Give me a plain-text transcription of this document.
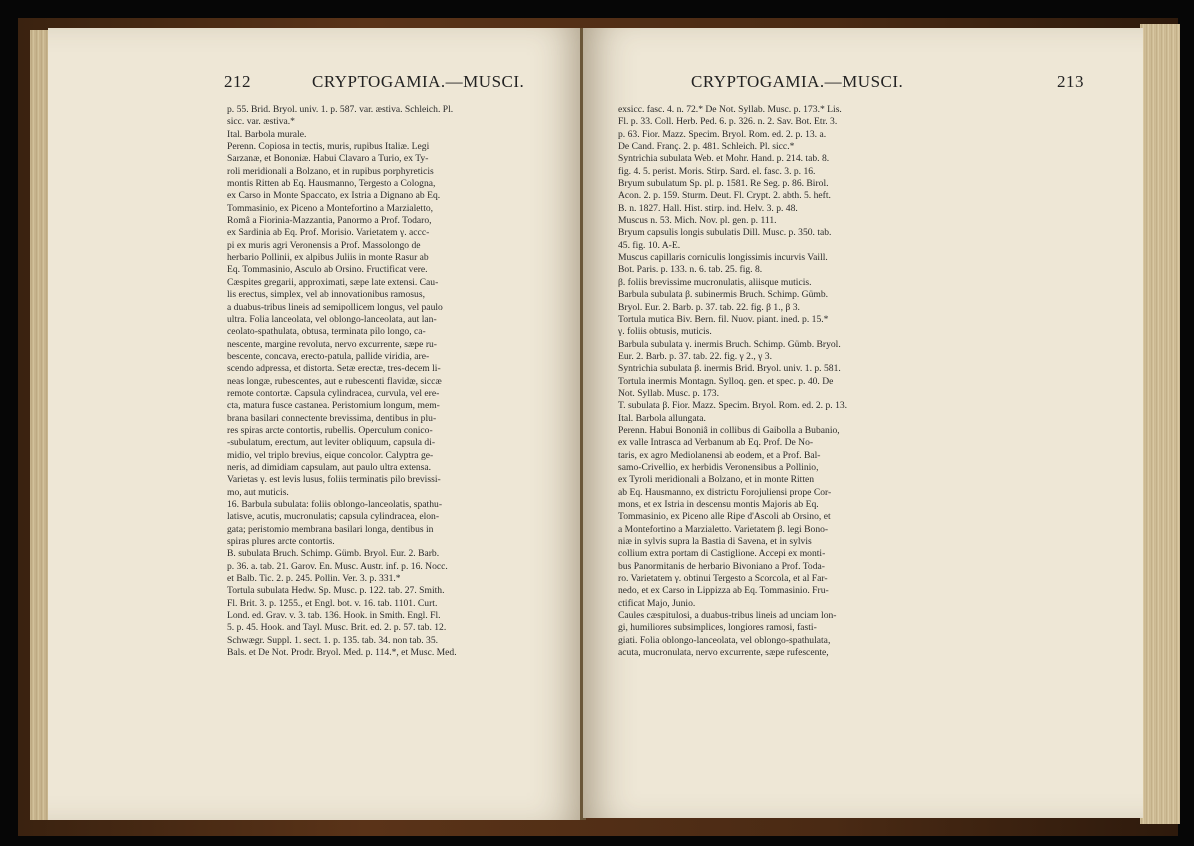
212	CRYPTOGAMIA.—MUSCI.
p. 55. Brid. Bryol. univ. 1. p. 587. var. æstiva. Schleich. Pl.
sicc. var. æstiva.*
Ital. Barbola murale.
Perenn. Copiosa in tectis, muris, rupibus Italiæ. Legi
Sarzanæ, et Bononiæ. Habui Clavaro a Turio, ex Ty-
roli meridionali a Bolzano, et in rupibus porphyreticis
montis Ritten ab Eq. Hausmanno, Tergesto a Cologna,
ex Carso in Monte Spaccato, ex Istria a Dignano ab Eq.
Tommasinio, ex Piceno a Montefortino a Marzialetto,
Româ a Fiorinia-Mazzantia, Panormo a Prof. Todaro,
ex Sardinia ab Eq. Prof. Morisio. Varietatem γ. accc-
pi ex muris agri Veronensis a Prof. Massolongo de
herbario Pollinii, ex alpibus Juliis in monte Rasur ab
Eq. Tommasinio, Asculo ab Orsino. Fructificat vere.
Cæspites gregarii, approximati, sæpe late extensi. Cau-
lis erectus, simplex, vel ab innovationibus ramosus,
a duabus-tribus lineis ad semipollicem longus, vel paulo
ultra. Folia lanceolata, vel oblongo-lanceolata, aut lan-
ceolato-spathulata, obtusa, terminata pilo longo, ca-
nescente, margine revoluta, nervo excurrente, sæpe ru-
bescente, concava, erecto-patula, pallide viridia, are-
scendo adpressa, et distorta. Setæ erectæ, tres-decem li-
neas longæ, rubescentes, aut e rubescenti flavidæ, siccæ
remote contortæ. Capsula cylindracea, curvula, vel ere-
cta, matura fusce castanea. Peristomium longum, mem-
brana basilari connectente brevissima, dentibus in plu-
res spiras arcte contortis, rubellis. Operculum conico-
-subulatum, erectum, aut leviter obliquum, capsula di-
midio, vel triplo brevius, eique concolor. Calyptra ge-
neris, ad dimidiam capsulam, aut paulo ultra extensa.
Varietas γ. est levis lusus, foliis terminatis pilo brevissi-
mo, aut muticis.
16. Barbula subulata: foliis oblongo-lanceolatis, spathu-
latisve, acutis, mucronulatis; capsula cylindracea, elon-
gata; peristomio membrana basilari longa, dentibus in
spiras plures arcte contortis.
B. subulata Bruch. Schimp. Gümb. Bryol. Eur. 2. Barb.
p. 36. a. tab. 21. Garov. En. Musc. Austr. inf. p. 16. Nocc.
et Balb. Tic. 2. p. 245. Pollin. Ver. 3. p. 331.*
Tortula subulata Hedw. Sp. Musc. p. 122. tab. 27. Smith.
Fl. Brit. 3. p. 1255., et Engl. bot. v. 16. tab. 1101. Curt.
Lond. ed. Grav. v. 3. tab. 136. Hook. in Smith. Engl. Fl.
5. p. 45. Hook. and Tayl. Musc. Brit. ed. 2. p. 57. tab. 12.
Schwægr. Suppl. 1. sect. 1. p. 135. tab. 34. non tab. 35.
Bals. et De Not. Prodr. Bryol. Med. p. 114.*, et Musc. Med.
CRYPTOGAMIA.—MUSCI.	213
exsicc. fasc. 4. n. 72.* De Not. Syllab. Musc. p. 173.* Lis.
Fl. p. 33. Coll. Herb. Ped. 6. p. 326. n. 2. Sav. Bot. Etr. 3.
p. 63. Fior. Mazz. Specim. Bryol. Rom. ed. 2. p. 13. a.
De Cand. Franç. 2. p. 481. Schleich. Pl. sicc.*
Syntrichia subulata Web. et Mohr. Hand. p. 214. tab. 8.
fig. 4. 5. perist. Moris. Stirp. Sard. el. fasc. 3. p. 16.
Bryum subulatum Sp. pl. p. 1581. Re Seg. p. 86. Birol.
Acon. 2. p. 159. Sturm. Deut. Fl. Crypt. 2. abth. 5. heft.
B. n. 1827. Hall. Hist. stirp. ind. Helv. 3. p. 48.
Muscus n. 53. Mich. Nov. pl. gen. p. 111.
Bryum capsulis longis subulatis Dill. Musc. p. 350. tab.
45. fig. 10. A-E.
Muscus capillaris corniculis longissimis incurvis Vaill.
Bot. Paris. p. 133. n. 6. tab. 25. fig. 8.
β. foliis brevissime mucronulatis, aliisque muticis.
Barbula subulata β. subinermis Bruch. Schimp. Gümb.
Bryol. Eur. 2. Barb. p. 37. tab. 22. fig. β 1., β 3.
Tortula mutica Biv. Bern. fil. Nuov. piant. ined. p. 15.*
γ. foliis obtusis, muticis.
Barbula subulata γ. inermis Bruch. Schimp. Gümb. Bryol.
Eur. 2. Barb. p. 37. tab. 22. fig. γ 2., γ 3.
Syntrichia subulata β. inermis Brid. Bryol. univ. 1. p. 581.
Tortula inermis Montagn. Sylloq. gen. et spec. p. 40. De
Not. Syllab. Musc. p. 173.
T. subulata β. Fior. Mazz. Specim. Bryol. Rom. ed. 2. p. 13.
Ital. Barbola allungata.
Perenn. Habui Bononiâ in collibus di Gaibolla a Bubanio,
ex valle Intrasca ad Verbanum ab Eq. Prof. De No-
taris, ex agro Mediolanensi ab eodem, et a Prof. Bal-
samo-Crivellio, ex herbidis Veronensibus a Pollinio,
ex Tyroli meridionali a Bolzano, et in monte Ritten
ab Eq. Hausmanno, ex districtu Forojuliensi prope Cor-
mons, et ex Istria in descensu montis Majoris ab Eq.
Tommasinio, ex Piceno alle Ripe d'Ascoli ab Orsino, et
a Montefortino a Marzialetto. Varietatem β. legi Bono-
niæ in sylvis supra la Bastia di Savena, et in sylvis
collium extra portam di Castiglione. Accepi ex monti-
bus Panormitanis de herbario Bivoniano a Prof. Toda-
ro. Varietatem γ. obtinui Tergesto a Scorcola, et al Far-
nedo, et ex Carso in Lippizza ab Eq. Tommasinio. Fru-
ctificat Majo, Junio.
Caules cæspitulosi, a duabus-tribus lineis ad unciam lon-
gi, humiliores subsimplices, longiores ramosi, fasti-
giati. Folia oblongo-lanceolata, vel oblongo-spathulata,
acuta, mucronulata, nervo excurrente, sæpe rufescente,
